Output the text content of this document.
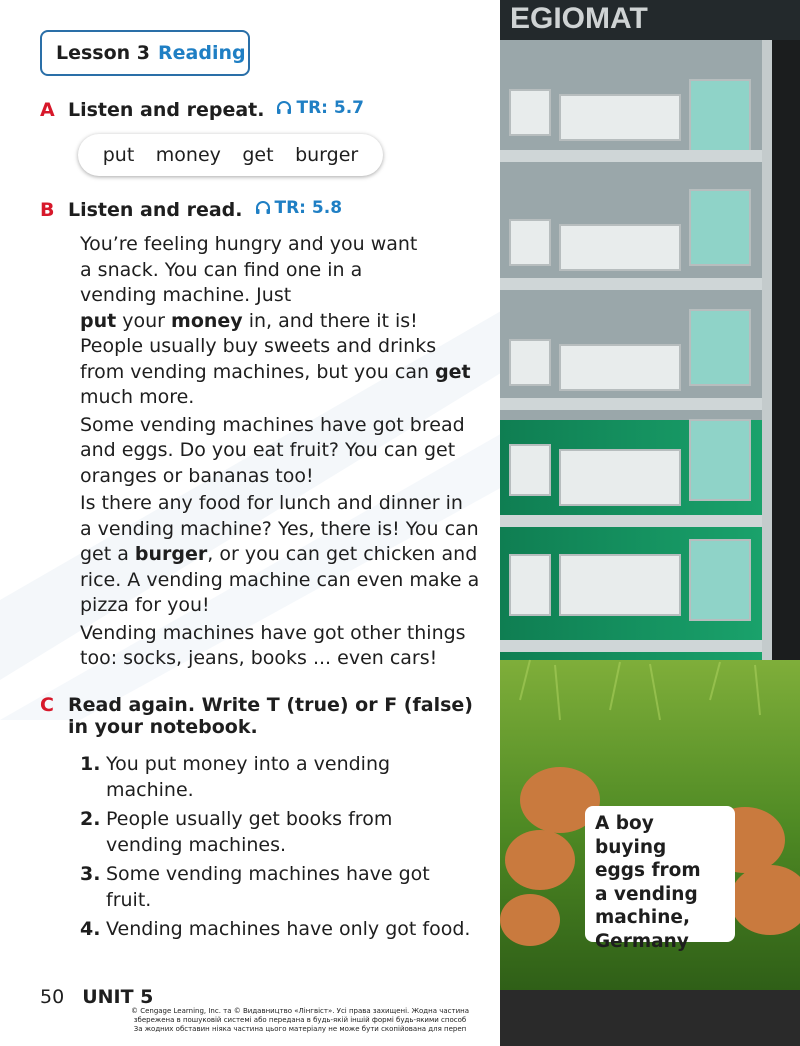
Lesson 3 Reading
A Listen and repeat. TR: 5.7
put money get burger
B Listen and read. TR: 5.8

You’re feeling hungry and you want a snack. You can find one in a vending machine. Just
put your money in, and there it is! People usually buy sweets and drinks from vending machines, but you can get much more.

Some vending machines have got bread and eggs. Do you eat fruit? You can get oranges or bananas too!

Is there any food for lunch and dinner in a vending machine? Yes, there is! You can get a burger, or you can get chicken and rice. A vending machine can even make a pizza for you!

Vending machines have got other things too: socks, jeans, books ... even cars!

C Read again. Write T (true) or F (false)
in your notebook.
1. You put money into a vending machine.
2. People usually get books from vending machines.
3. Some vending machines have got fruit.
4. Vending machines have only got food.
50 UNIT 5
© Cengage Learning, Inc. та © Видавництво «Лінгвіст». Усі права захищені. Жодна частина
збережена в пошуковій системі або передана в будь-якій іншій формі будь-якими способ
За жодних обставин ніяка частина цього матеріалу не може бути скопійована для переп
EGIOMAT
A boy buying
eggs from
a vending
machine,
Germany
